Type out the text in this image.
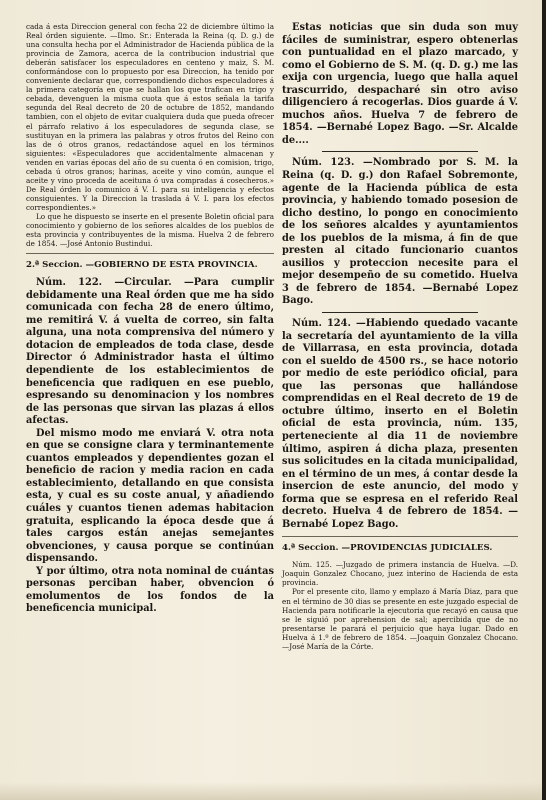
cada á esta Direccion general con fecha 22 de diciembre último la Real órden siguiente. —Ilmo. Sr.: Enterada la Reina (q. D. g.) de una consulta hecha por el Administrador de Hacienda pública de la provincia de Zamora, acerca de la contribucion industrial que deberán satisfacer los especuladores en centeno y maiz, S. M. conformándose con lo propuesto por esa Direccion, ha tenido por conveniente declarar que, correspondiendo dichos especuladores á la primera categoría en que se hallan los que trafican en trigo y cebada, devenguen la misma cuota que á estos señala la tarifa segunda del Real decreto de 20 de octubre de 1852, mandando tambien, con el objeto de evitar cualquiera duda que pueda ofrecer el párrafo relativo á los especuladores de segunda clase, se sustituyan en la primera las palabras y otros frutos del Reino con las de ó otros granos, redactándose aquel en los términos siguientes: «Especuladores que accidentalmente almacenan y venden en varias épocas del año de su cuenta ó en comision, trigo, cebada ú otros granos; harinas, aceite y vino común, aunque el aceite y vino proceda de aceituna ó uva compradas á cosecheros.» De Real órden lo comunico á V. I. para su inteligencia y efectos consiguientes. Y la Direccion la traslada á V. I. para los efectos correspondientes.»

Lo que he dispuesto se inserte en el presente Boletin oficial para conocimiento y gobierno de los señores alcaldes de los pueblos de esta provincia y contribuyentes de la misma. Huelva 2 de febrero de 1854. —José Antonio Bustindui.

2.ª Seccion. —GOBIERNO DE ESTA PROVINCIA.

Núm. 122. —Circular. —Para cumplir debidamente una Real órden que me ha sido comunicada con fecha 28 de enero último, me remitirá V. á vuelta de correo, sin falta alguna, una nota comprensiva del número y dotacion de empleados de toda clase, desde Director ó Administrador hasta el último dependiente de los establecimientos de beneficencia que radiquen en ese pueblo, espresando su denominacion y los nombres de las personas que sirvan las plazas á ellos afectas.

Del mismo modo me enviará V. otra nota en que se consigne clara y terminantemente cuantos empleados y dependientes gozan el beneficio de racion y media racion en cada establecimiento, detallando en que consista esta, y cual es su coste anual, y añadiendo cuáles y cuantos tienen ademas habitacion gratuita, esplicando la época desde que á tales cargos están anejas semejantes obvenciones, y causa porque se continúan dispensando.

Y por último, otra nota nominal de cuántas personas perciban haber, obvencion ó emolumentos de los fondos de la beneficencia municipal.

Estas noticias que sin duda son muy fáciles de suministrar, espero obtenerlas con puntualidad en el plazo marcado, y como el Gobierno de S. M. (q. D. g.) me las exija con urgencia, luego que halla aquel trascurrido, despacharé sin otro aviso diligenciero á recogerlas. Dios guarde á V. muchos años. Huelva 7 de febrero de 1854. —Bernabé Lopez Bago. —Sr. Alcalde de....

Núm. 123. —Nombrado por S. M. la Reina (q. D. g.) don Rafael Sobremonte, agente de la Hacienda pública de esta provincia, y habiendo tomado posesion de dicho destino, lo pongo en conocimiento de los señores alcaldes y ayuntamientos de los pueblos de la misma, á fin de que presten al citado funcionario cuantos ausilios y proteccion necesite para el mejor desempeño de su cometido. Huelva 3 de febrero de 1854. —Bernabé Lopez Bago.

Núm. 124. —Habiendo quedado vacante la secretaría del ayuntamiento de la villa de Villarrasa, en esta provincia, dotada con el sueldo de 4500 rs., se hace notorio por medio de este periódico oficial, para que las personas que hallándose comprendidas en el Real decreto de 19 de octubre último, inserto en el Boletin oficial de esta provincia, núm. 135, perteneciente al dia 11 de noviembre último, aspiren á dicha plaza, presenten sus solicitudes en la citada municipalidad, en el término de un mes, á contar desde la insercion de este anuncio, del modo y forma que se espresa en el referido Real decreto. Huelva 4 de febrero de 1854. —Bernabé Lopez Bago.

4.ª Seccion. —PROVIDENCIAS JUDICIALES.

Núm. 125. —Juzgado de primera instancia de Huelva. —D. Joaquin Gonzalez Chocano, juez interino de Hacienda de esta provincia.

Por el presente cito, llamo y emplazo á María Diaz, para que en el término de 30 dias se presente en este juzgado especial de Hacienda para notificarle la ejecutoria que recayó en causa que se le siguió por aprehension de sal; apercibida que de no presentarse le parará el perjuicio que haya lugar. Dado en Huelva á 1.º de febrero de 1854. —Joaquin Gonzalez Chocano. —José María de la Córte.
